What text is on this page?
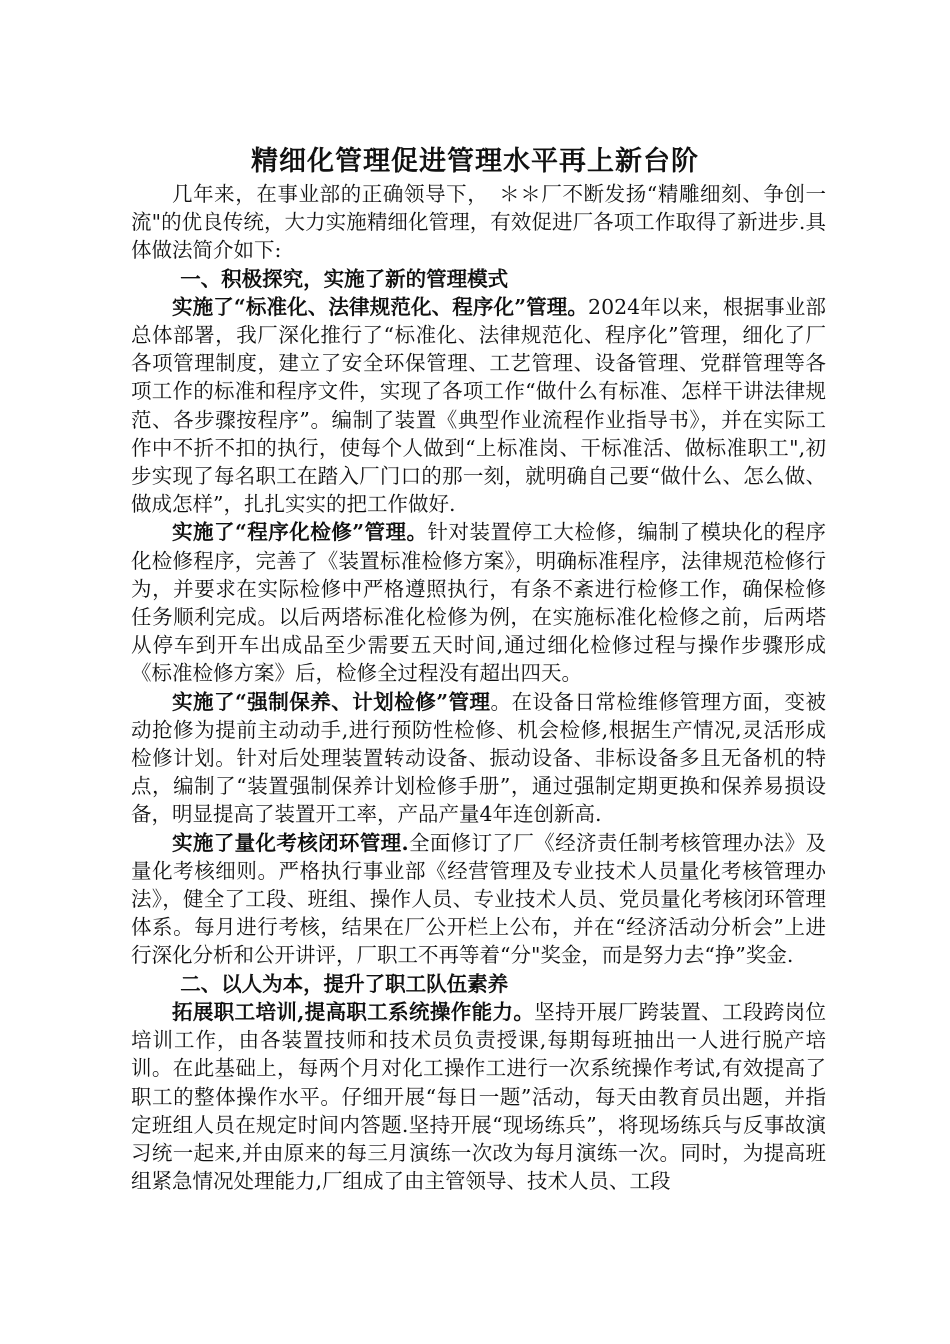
精细化管理促进管理水平再上新台阶

几年来，在事业部的正确领导下，　＊＊厂不断发扬“精雕细刻、争创一流"的优良传统，大力实施精细化管理，有效促进厂各项工作取得了新进步.具体做法简介如下:

一、积极探究，实施了新的管理模式

实施了“标准化、法律规范化、程序化”管理。2024年以来，根据事业部总体部署，我厂深化推行了“标准化、法律规范化、程序化”管理，细化了厂各项管理制度，建立了安全环保管理、工艺管理、设备管理、党群管理等各项工作的标准和程序文件，实现了各项工作“做什么有标准、怎样干讲法律规范、各步骤按程序”。编制了装置《典型作业流程作业指导书》，并在实际工作中不折不扣的执行，使每个人做到“上标准岗、干标准活、做标准职工",初步实现了每名职工在踏入厂门口的那一刻，就明确自己要“做什么、怎么做、做成怎样”，扎扎实实的把工作做好.

实施了“程序化检修”管理。针对装置停工大检修，编制了模块化的程序化检修程序，完善了《装置标准检修方案》，明确标准程序，法律规范检修行为，并要求在实际检修中严格遵照执行，有条不紊进行检修工作，确保检修任务顺利完成。以后两塔标准化检修为例，在实施标准化检修之前，后两塔从停车到开车出成品至少需要五天时间,通过细化检修过程与操作步骤形成《标准检修方案》后，检修全过程没有超出四天。

实施了“强制保养、计划检修”管理。在设备日常检维修管理方面，变被动抢修为提前主动动手,进行预防性检修、机会检修,根据生产情况,灵活形成检修计划。针对后处理装置转动设备、振动设备、非标设备多且无备机的特点，编制了“装置强制保养计划检修手册”，通过强制定期更换和保养易损设备，明显提高了装置开工率，产品产量4年连创新高.

实施了量化考核闭环管理.全面修订了厂《经济责任制考核管理办法》及量化考核细则。严格执行事业部《经营管理及专业技术人员量化考核管理办法》，健全了工段、班组、操作人员、专业技术人员、党员量化考核闭环管理体系。每月进行考核，结果在厂公开栏上公布，并在“经济活动分析会”上进行深化分析和公开讲评，厂职工不再等着“分"奖金，而是努力去“挣”奖金.

二、以人为本，提升了职工队伍素养

拓展职工培训,提高职工系统操作能力。坚持开展厂跨装置、工段跨岗位培训工作，由各装置技师和技术员负责授课,每期每班抽出一人进行脱产培训。在此基础上，每两个月对化工操作工进行一次系统操作考试,有效提高了职工的整体操作水平。仔细开展“每日一题”活动，每天由教育员出题，并指定班组人员在规定时间内答题.坚持开展“现场练兵”，将现场练兵与反事故演习统一起来,并由原来的每三月演练一次改为每月演练一次。同时，为提高班组紧急情况处理能力,厂组成了由主管领导、技术人员、工段
